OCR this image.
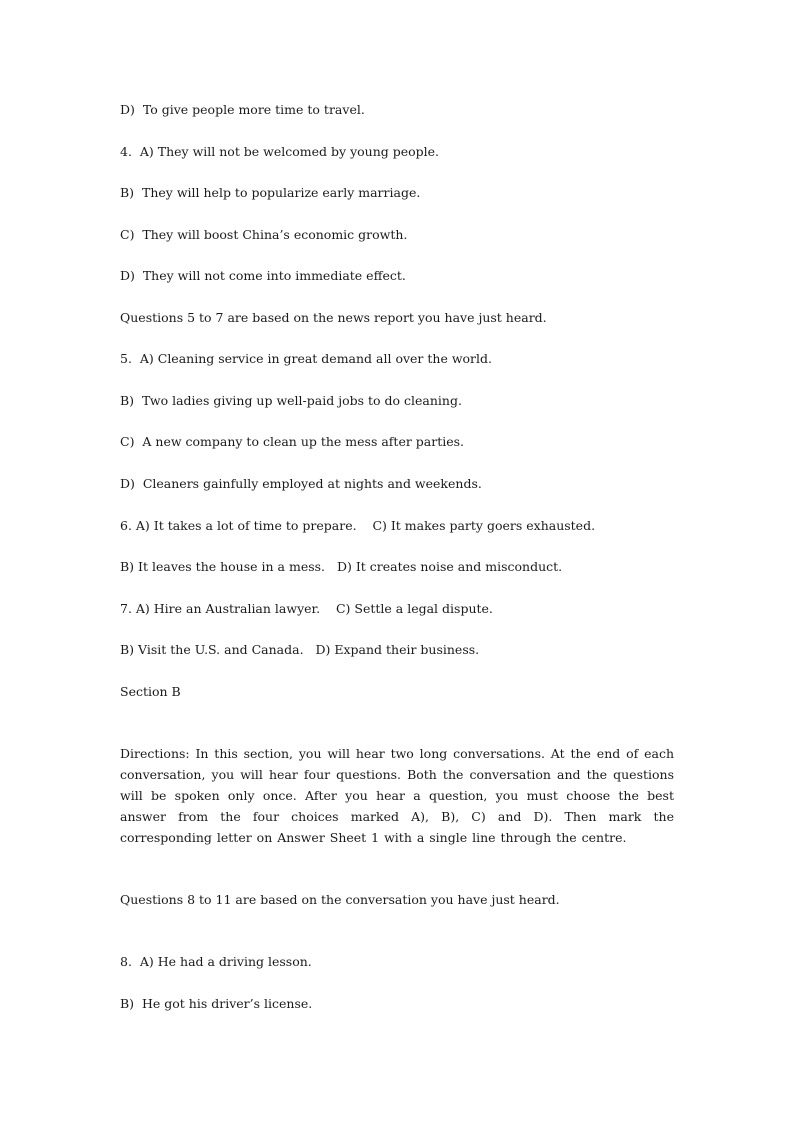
D)  To give people more time to travel.

4.  A) They will not be welcomed by young people.

B)  They will help to popularize early marriage.

C)  They will boost China’s economic growth.

D)  They will not come into immediate effect.

Questions 5 to 7 are based on the news report you have just heard.

5.  A) Cleaning service in great demand all over the world.

B)  Two ladies giving up well-paid jobs to do cleaning.

C)  A new company to clean up the mess after parties.

D)  Cleaners gainfully employed at nights and weekends.

6. A) It takes a lot of time to prepare.    C) It makes party goers exhausted.

B) It leaves the house in a mess.   D) It creates noise and misconduct.

7. A) Hire an Australian lawyer.    C) Settle a legal dispute.

B) Visit the U.S. and Canada.   D) Expand their business.

Section B

Directions: In this section, you will hear two long conversations. At the end of each conversation, you will hear four questions. Both the conversation and the questions will be spoken only once. After you hear a question, you must choose the best answer from the four choices marked A), B), C) and D). Then mark the corresponding letter on Answer Sheet 1 with a single line through the centre.

Questions 8 to 11 are based on the conversation you have just heard.

8.  A) He had a driving lesson.

B)  He got his driver’s license.
